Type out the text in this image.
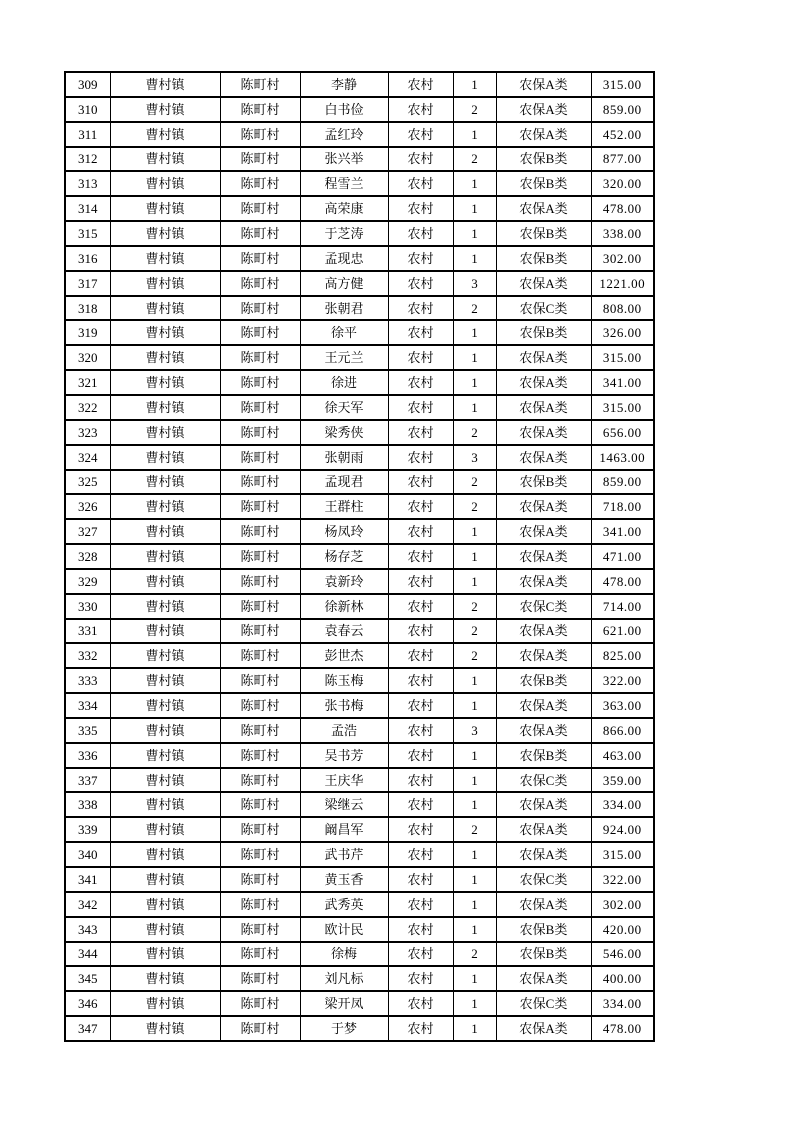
309	曹村镇	陈町村	李静	农村	1	农保A类	315.00
310	曹村镇	陈町村	白书俭	农村	2	农保A类	859.00
311	曹村镇	陈町村	孟红玲	农村	1	农保A类	452.00
312	曹村镇	陈町村	张兴举	农村	2	农保B类	877.00
313	曹村镇	陈町村	程雪兰	农村	1	农保B类	320.00
314	曹村镇	陈町村	高荣康	农村	1	农保A类	478.00
315	曹村镇	陈町村	于芝涛	农村	1	农保B类	338.00
316	曹村镇	陈町村	孟现忠	农村	1	农保B类	302.00
317	曹村镇	陈町村	高方健	农村	3	农保A类	1221.00
318	曹村镇	陈町村	张朝君	农村	2	农保C类	808.00
319	曹村镇	陈町村	徐平	农村	1	农保B类	326.00
320	曹村镇	陈町村	王元兰	农村	1	农保A类	315.00
321	曹村镇	陈町村	徐进	农村	1	农保A类	341.00
322	曹村镇	陈町村	徐天军	农村	1	农保A类	315.00
323	曹村镇	陈町村	梁秀侠	农村	2	农保A类	656.00
324	曹村镇	陈町村	张朝雨	农村	3	农保A类	1463.00
325	曹村镇	陈町村	孟现君	农村	2	农保B类	859.00
326	曹村镇	陈町村	王群柱	农村	2	农保A类	718.00
327	曹村镇	陈町村	杨凤玲	农村	1	农保A类	341.00
328	曹村镇	陈町村	杨存芝	农村	1	农保A类	471.00
329	曹村镇	陈町村	袁新玲	农村	1	农保A类	478.00
330	曹村镇	陈町村	徐新林	农村	2	农保C类	714.00
331	曹村镇	陈町村	袁春云	农村	2	农保A类	621.00
332	曹村镇	陈町村	彭世杰	农村	2	农保A类	825.00
333	曹村镇	陈町村	陈玉梅	农村	1	农保B类	322.00
334	曹村镇	陈町村	张书梅	农村	1	农保A类	363.00
335	曹村镇	陈町村	孟浩	农村	3	农保A类	866.00
336	曹村镇	陈町村	吴书芳	农村	1	农保B类	463.00
337	曹村镇	陈町村	王庆华	农村	1	农保C类	359.00
338	曹村镇	陈町村	梁继云	农村	1	农保A类	334.00
339	曹村镇	陈町村	阚昌军	农村	2	农保A类	924.00
340	曹村镇	陈町村	武书芹	农村	1	农保A类	315.00
341	曹村镇	陈町村	黄玉香	农村	1	农保C类	322.00
342	曹村镇	陈町村	武秀英	农村	1	农保A类	302.00
343	曹村镇	陈町村	欧计民	农村	1	农保B类	420.00
344	曹村镇	陈町村	徐梅	农村	2	农保B类	546.00
345	曹村镇	陈町村	刘凡标	农村	1	农保A类	400.00
346	曹村镇	陈町村	梁开凤	农村	1	农保C类	334.00
347	曹村镇	陈町村	于梦	农村	1	农保A类	478.00
